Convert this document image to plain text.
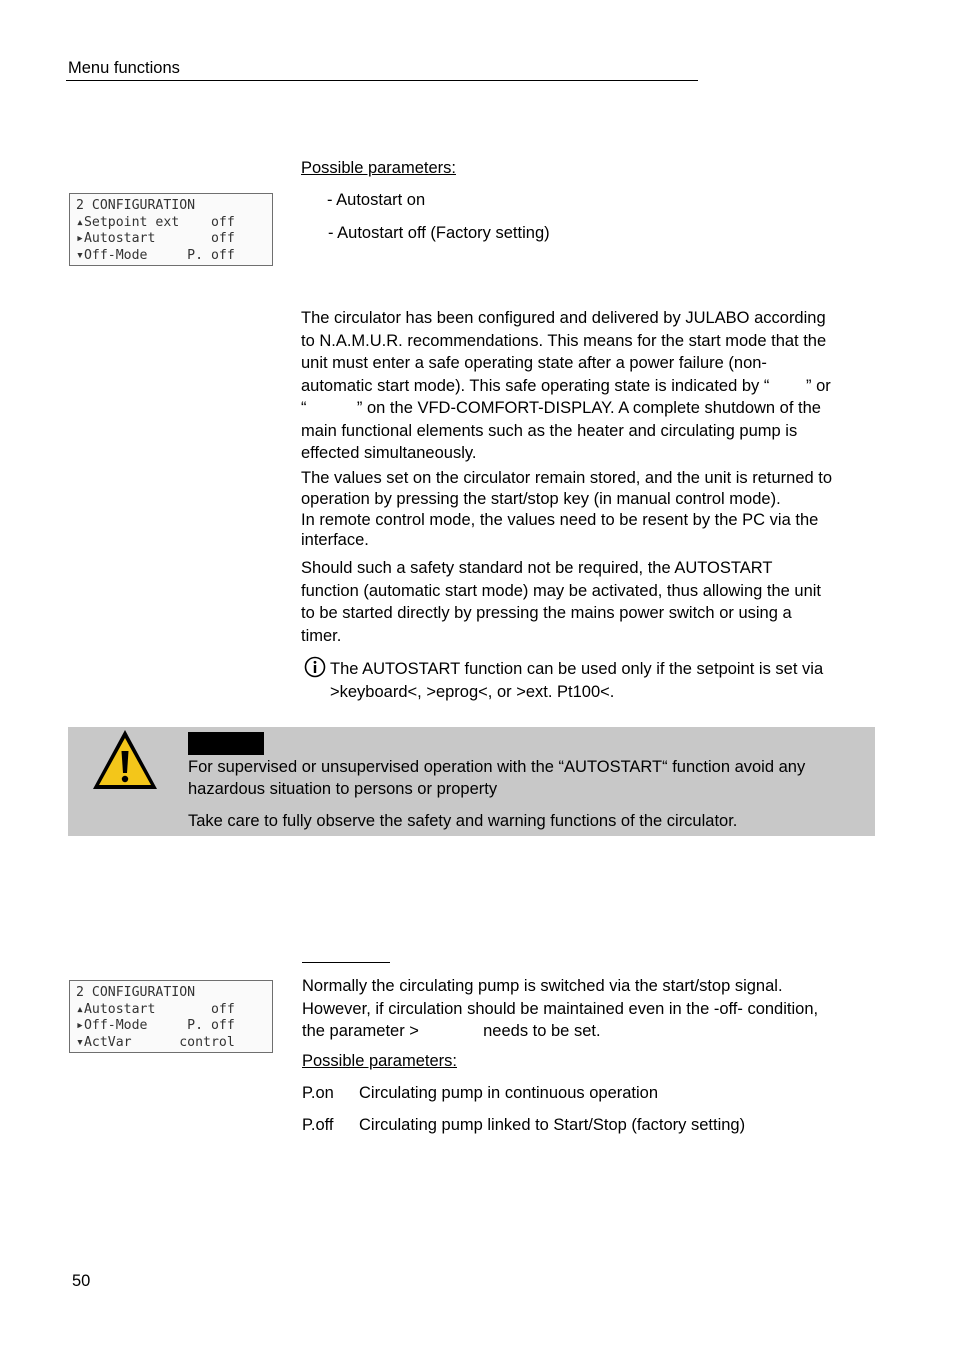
Menu functions
Possible parameters:
- Autostart on
- Autostart off (Factory setting)
2 CONFIGURATION
▴Setpoint ext    off
▸Autostart       off
▾Off-Mode     P. off
The circulator has been configured and delivered by JULABO according
to N.A.M.U.R. recommendations. This means for the start mode that the
unit must enter a safe operating state after a power failure (non-
automatic start mode). This safe operating state is indicated by “        ” or
“           ” on the VFD-COMFORT-DISPLAY. A complete shutdown of the
main functional elements such as the heater and circulating pump is
effected simultaneously.
The values set on the circulator remain stored, and the unit is returned to
operation by pressing the start/stop key (in manual control mode).
In remote control mode, the values need to be resent by the PC via the
interface.
Should such a safety standard not be required, the AUTOSTART
function (automatic start mode) may be activated, thus allowing the unit
to be started directly by pressing the mains power switch or using a
timer.
The AUTOSTART function can be used only if the setpoint is set via
>keyboard<, >eprog<, or >ext. Pt100<.
For supervised or unsupervised operation with the “AUTOSTART“ function avoid any
hazardous situation to persons or property
Take care to fully observe the safety and warning functions of the circulator.
2 CONFIGURATION
▴Autostart       off
▸Off-Mode     P. off
▾ActVar      control
Normally the circulating pump is switched via the start/stop signal.
However, if circulation should be maintained even in the -off- condition,
the parameter >              needs to be set.
Possible parameters:
P.on Circulating pump in continuous operation
P.off Circulating pump linked to Start/Stop (factory setting)
50
